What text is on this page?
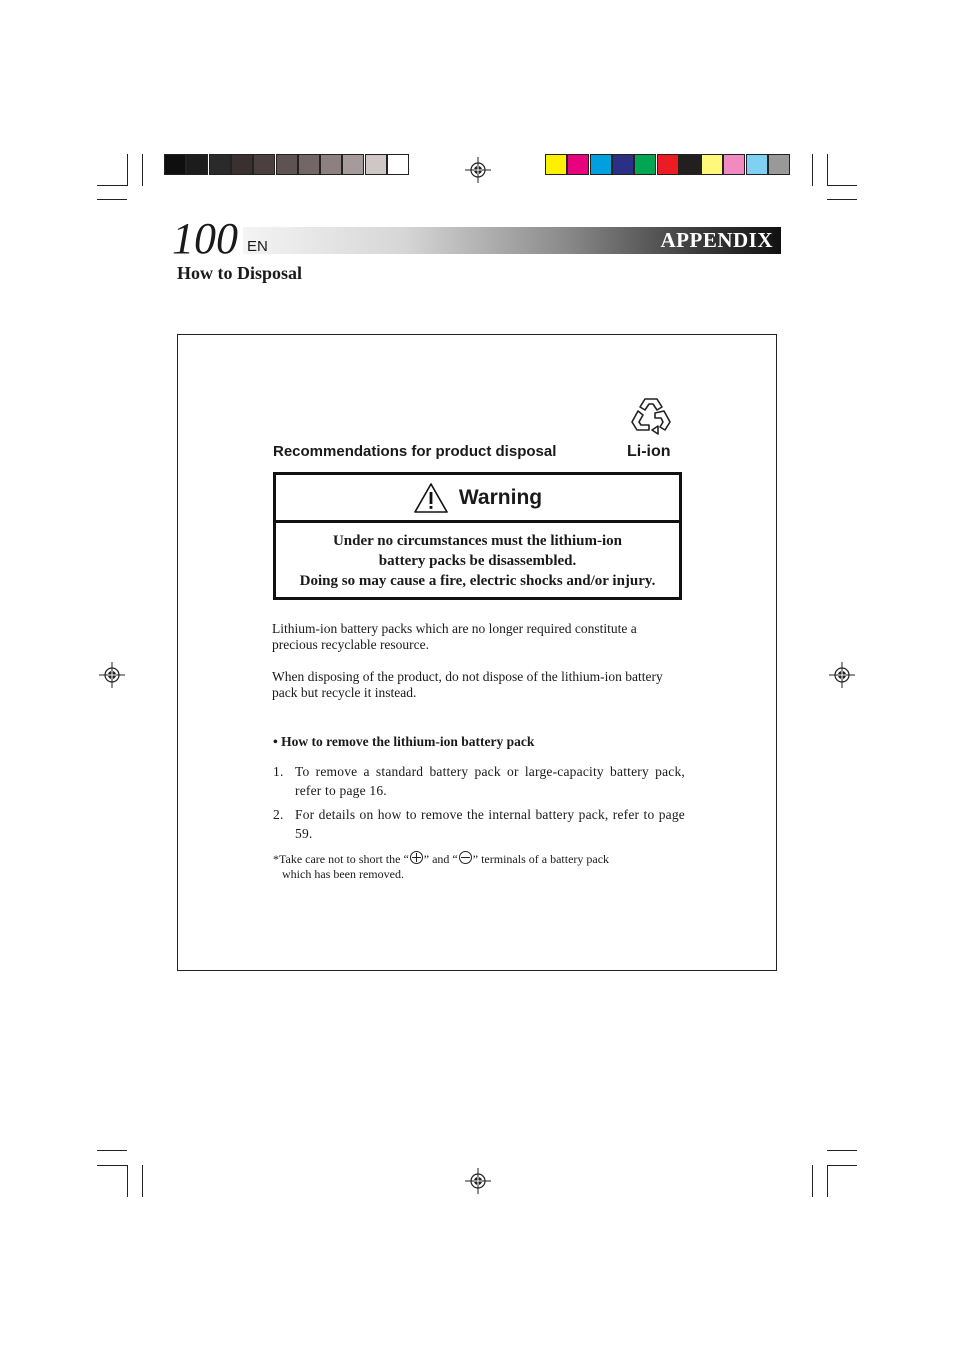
APPENDIX
100 EN
How to Disposal
Recommendations for product disposal	Li-ion
Warning
Under no circumstances must the lithium-ion
battery packs be disassembled.
Doing so may cause a fire, electric shocks and/or injury.
Lithium-ion battery packs which are no longer required constitute a precious recyclable resource.
When disposing of the product, do not dispose of the lithium-ion battery pack but recycle it instead.
• How to remove the lithium-ion battery pack
1. To remove a standard battery pack or large-capacity battery pack, refer to page 16.
2. For details on how to remove the internal battery pack, refer to page 59.
*Take care not to short the “ ” and “ ” terminals of a battery pack
which has been removed.
